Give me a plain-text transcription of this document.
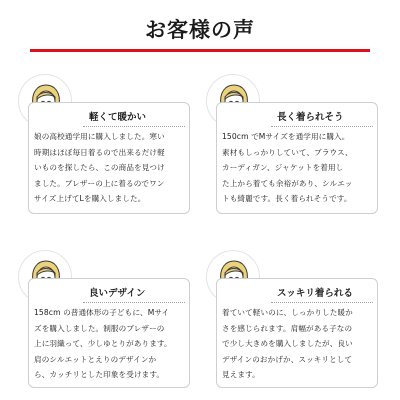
お客様の声
軽くて暖かい
娘の高校通学用に購入しました。寒い
時期はほぼ毎日着るので出来るだけ軽
いものを探したら、この商品を見つけ
ました。ブレザーの上に着るのでワン
サイズ上げてLを購入しました。
長く着られそう
150cm でMサイズを通学用に購入。
素材もしっかりしていて、ブラウス、
カーディガン、ジャケットを着用し
た上から着ても余裕があり、シルエッ
トも綺麗です。長く着られそうです。
良いデザイン
158cm の普通体形の子どもに、Mサイ
ズを購入しました。制服のブレザーの
上に羽織って、少しゆとりがあります。
肩のシルエットとえりのデザインか
ら、カッチリとした印象を受けます。
スッキリ着られる
着ていて軽いのに、しっかりした暖か
さを感じられます。肩幅がある子なの
で少し大きめを購入しましたが、良い
デザインのおかげか、スッキリとして
見えます。
